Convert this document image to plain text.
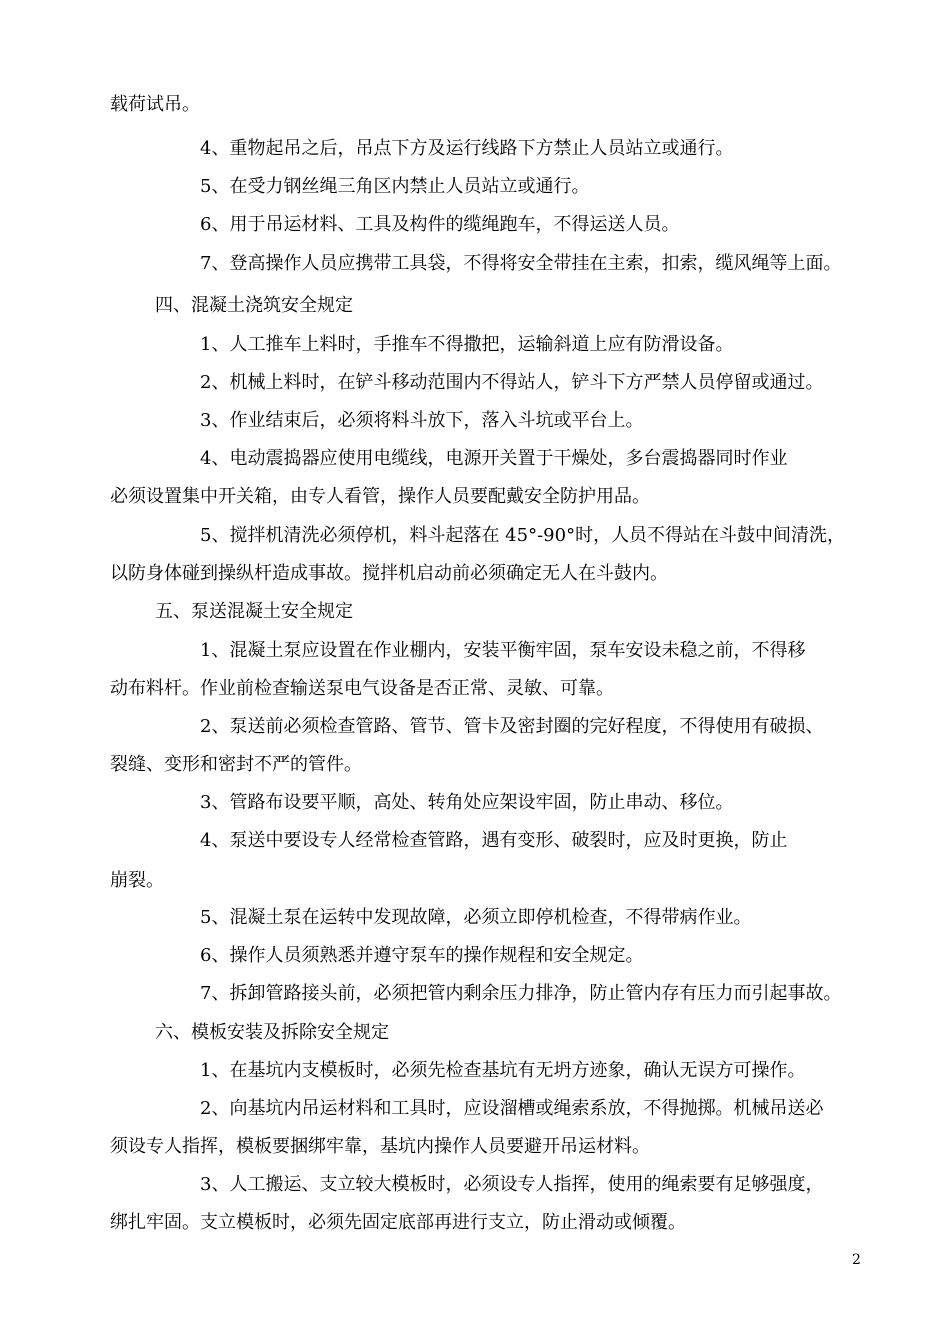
载荷试吊。
4、重物起吊之后，吊点下方及运行线路下方禁止人员站立或通行。
5、在受力钢丝绳三角区内禁止人员站立或通行。
6、用于吊运材料、工具及构件的缆绳跑车，不得运送人员。
7、登高操作人员应携带工具袋，不得将安全带挂在主索，扣索，缆风绳等上面。
四、混凝土浇筑安全规定
1、人工推车上料时，手推车不得撒把，运输斜道上应有防滑设备。
2、机械上料时，在铲斗移动范围内不得站人，铲斗下方严禁人员停留或通过。
3、作业结束后，必须将料斗放下，落入斗坑或平台上。
4、电动震捣器应使用电缆线，电源开关置于干燥处，多台震捣器同时作业
必须设置集中开关箱，由专人看管，操作人员要配戴安全防护用品。
5、搅拌机清洗必须停机，料斗起落在 45°-90°时，人员不得站在斗鼓中间清洗，
以防身体碰到操纵杆造成事故。搅拌机启动前必须确定无人在斗鼓内。
五、泵送混凝土安全规定
1、混凝土泵应设置在作业棚内，安装平衡牢固，泵车安设未稳之前，不得移
动布料杆。作业前检查输送泵电气设备是否正常、灵敏、可靠。
2、泵送前必须检查管路、管节、管卡及密封圈的完好程度，不得使用有破损、
裂缝、变形和密封不严的管件。
3、管路布设要平顺，高处、转角处应架设牢固，防止串动、移位。
4、泵送中要设专人经常检查管路，遇有变形、破裂时，应及时更换，防止
崩裂。
5、混凝土泵在运转中发现故障，必须立即停机检查，不得带病作业。
6、操作人员须熟悉并遵守泵车的操作规程和安全规定。
7、拆卸管路接头前，必须把管内剩余压力排净，防止管内存有压力而引起事故。
六、模板安装及拆除安全规定
1、在基坑内支模板时，必须先检查基坑有无坍方迹象，确认无误方可操作。
2、向基坑内吊运材料和工具时，应设溜槽或绳索系放，不得抛掷。机械吊送必
须设专人指挥，模板要捆绑牢靠，基坑内操作人员要避开吊运材料。
3、人工搬运、支立较大模板时，必须设专人指挥，使用的绳索要有足够强度，
绑扎牢固。支立模板时，必须先固定底部再进行支立，防止滑动或倾覆。
2
